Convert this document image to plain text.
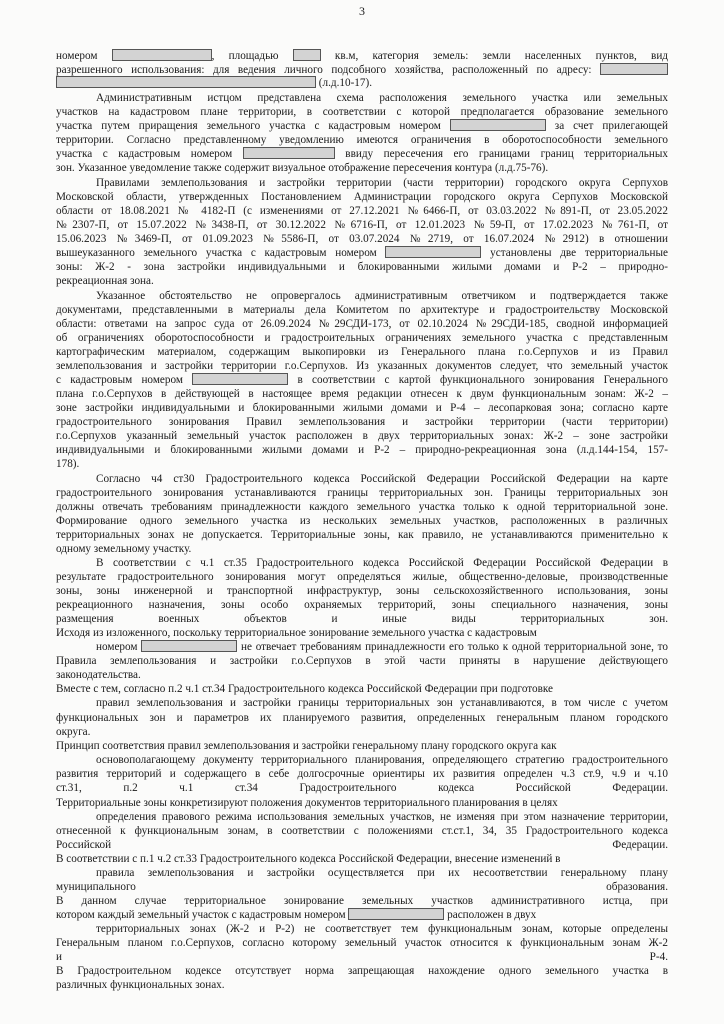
3
номером	, площадью	кв.м, категория земель: земли населенных пунктов, вид
разрешенного использования: для ведения личного подсобного хозяйства, расположенный по адресу:
(л.д.10-17).
Административным истцом представлена схема расположения земельного участка или земельных
участков на кадастровом плане территории, в соответствии с которой предполагается образование земельного
участка путем приращения земельного участка с кадастровым номером	за счет прилегающей
территории. Согласно представленному уведомлению имеются ограничения в оборотоспособности земельного
участка с кадастровым номером	ввиду пересечения его границами границ территориальных
зон. Указанное уведомление также содержит визуальное отображение пересечения контура (л.д.75-76).
Правилами землепользования и застройки территории (части территории) городского округа Серпухов
Московской области, утвержденных Постановлением Администрации городского округа Серпухов Московской
области от 18.08.2021 № 4182-П (с изменениями от 27.12.2021 №6466-П, от 03.03.2022 №891-П, от 23.05.2022
№2307-П, от 15.07.2022 №3438-П, от 30.12.2022 №6716-П, от 12.01.2023 №59-П, от 17.02.2023 №761-П, от
15.06.2023 №3469-П, от 01.09.2023 №5586-П, от 03.07.2024 №2719, от 16.07.2024 №2912) в отношении
вышеуказанного земельного участка с кадастровым номером	установлены две территориальные
зоны: Ж-2 - зона застройки индивидуальными и блокированными жилыми домами и Р-2 – природно-
рекреационная зона.
Указанное обстоятельство не опровергалось административным ответчиком и подтверждается также
документами, представленными в материалы дела Комитетом по архитектуре и градостроительству Московской
области: ответами на запрос суда от 26.09.2024 №29СДИ-173, от 02.10.2024 №29СДИ-185, сводной информацией
об ограничениях оборотоспособности и градостроительных ограничениях земельного участка с представленным
картографическим материалом, содержащим выкопировки из Генерального плана г.о.Серпухов и из Правил
землепользования и застройки территории г.о.Серпухов. Из указанных документов следует, что земельный участок
с кадастровым номером	в соответствии с картой функционального зонирования Генерального
плана г.о.Серпухов в действующей в настоящее время редакции отнесен к двум функциональным зонам: Ж-2 –
зоне застройки индивидуальными и блокированными жилыми домами и Р-4 – лесопарковая зона; согласно карте
градостроительного зонирования Правил землепользования и застройки территории (части территории)
г.о.Серпухов указанный земельный участок расположен в двух территориальных зонах: Ж-2 – зоне застройки
индивидуальными и блокированными жилыми домами и Р-2 – природно-рекреационная зона (л.д.144-154, 157-
178).
Согласно ч4 ст30 Градостроительного кодекса Российской Федерации Российской Федерации на карте
градостроительного зонирования устанавливаются границы территориальных зон. Границы территориальных зон
должны отвечать требованиям принадлежности каждого земельного участка только к одной территориальной зоне.
Формирование одного земельного участка из нескольких земельных участков, расположенных в различных
территориальных зонах не допускается. Территориальные зоны, как правило, не устанавливаются применительно к
одному земельному участку.
В соответствии с ч.1 ст.35 Градостроительного кодекса Российской Федерации Российской Федерации в
результате градостроительного зонирования могут определяться жилые, общественно-деловые, производственные
зоны, зоны инженерной и транспортной инфраструктур, зоны сельскохозяйственного использования, зоны
рекреационного назначения, зоны особо охраняемых территорий, зоны специального назначения, зоны
размещения военных объектов и иные виды территориальных зон.
Исходя из изложенного, поскольку территориальное зонирование земельного участка с кадастровым
номером	не отвечает требованиям принадлежности его только к одной территориальной зоне, то
Правила землепользования и застройки г.о.Серпухов в этой части приняты в нарушение действующего
законодательства.
Вместе с тем, согласно п.2 ч.1 ст.34 Градостроительного кодекса Российской Федерации при подготовке
правил землепользования и застройки границы территориальных зон устанавливаются, в том числе с учетом
функциональных зон и параметров их планируемого развития, определенных генеральным планом городского
округа.
Принцип соответствия правил землепользования и застройки генеральному плану городского округа как
основополагающему документу территориального планирования, определяющего стратегию градостроительного
развития территорий и содержащего в себе долгосрочные ориентиры их развития определен ч.3 ст.9, ч.9 и ч.10
ст.31, п.2 ч.1 ст.34 Градостроительного кодекса Российской Федерации.
Территориальные зоны конкретизируют положения документов территориального планирования в целях
определения правового режима использования земельных участков, не изменяя при этом назначение территории,
отнесенной к функциональным зонам, в соответствии с положениями ст.ст.1, 34, 35 Градостроительного кодекса
Российской Федерации.
В соответствии с п.1 ч.2 ст.33 Градостроительного кодекса Российской Федерации, внесение изменений в
правила землепользования и застройки осуществляется при их несоответствии генеральному плану
муниципального образования.
В данном случае территориальное зонирование земельных участков административного истца, при
котором каждый земельный участок с кадастровым номером	расположен в двух
территориальных зонах (Ж-2 и Р-2) не соответствует тем функциональным зонам, которые определены
Генеральным планом г.о.Серпухов, согласно которому земельный участок относится к функциональным зонам Ж-2
и Р-4.
В Градостроительном кодексе отсутствует норма запрещающая нахождение одного земельного участка в
различных функциональных зонах.
